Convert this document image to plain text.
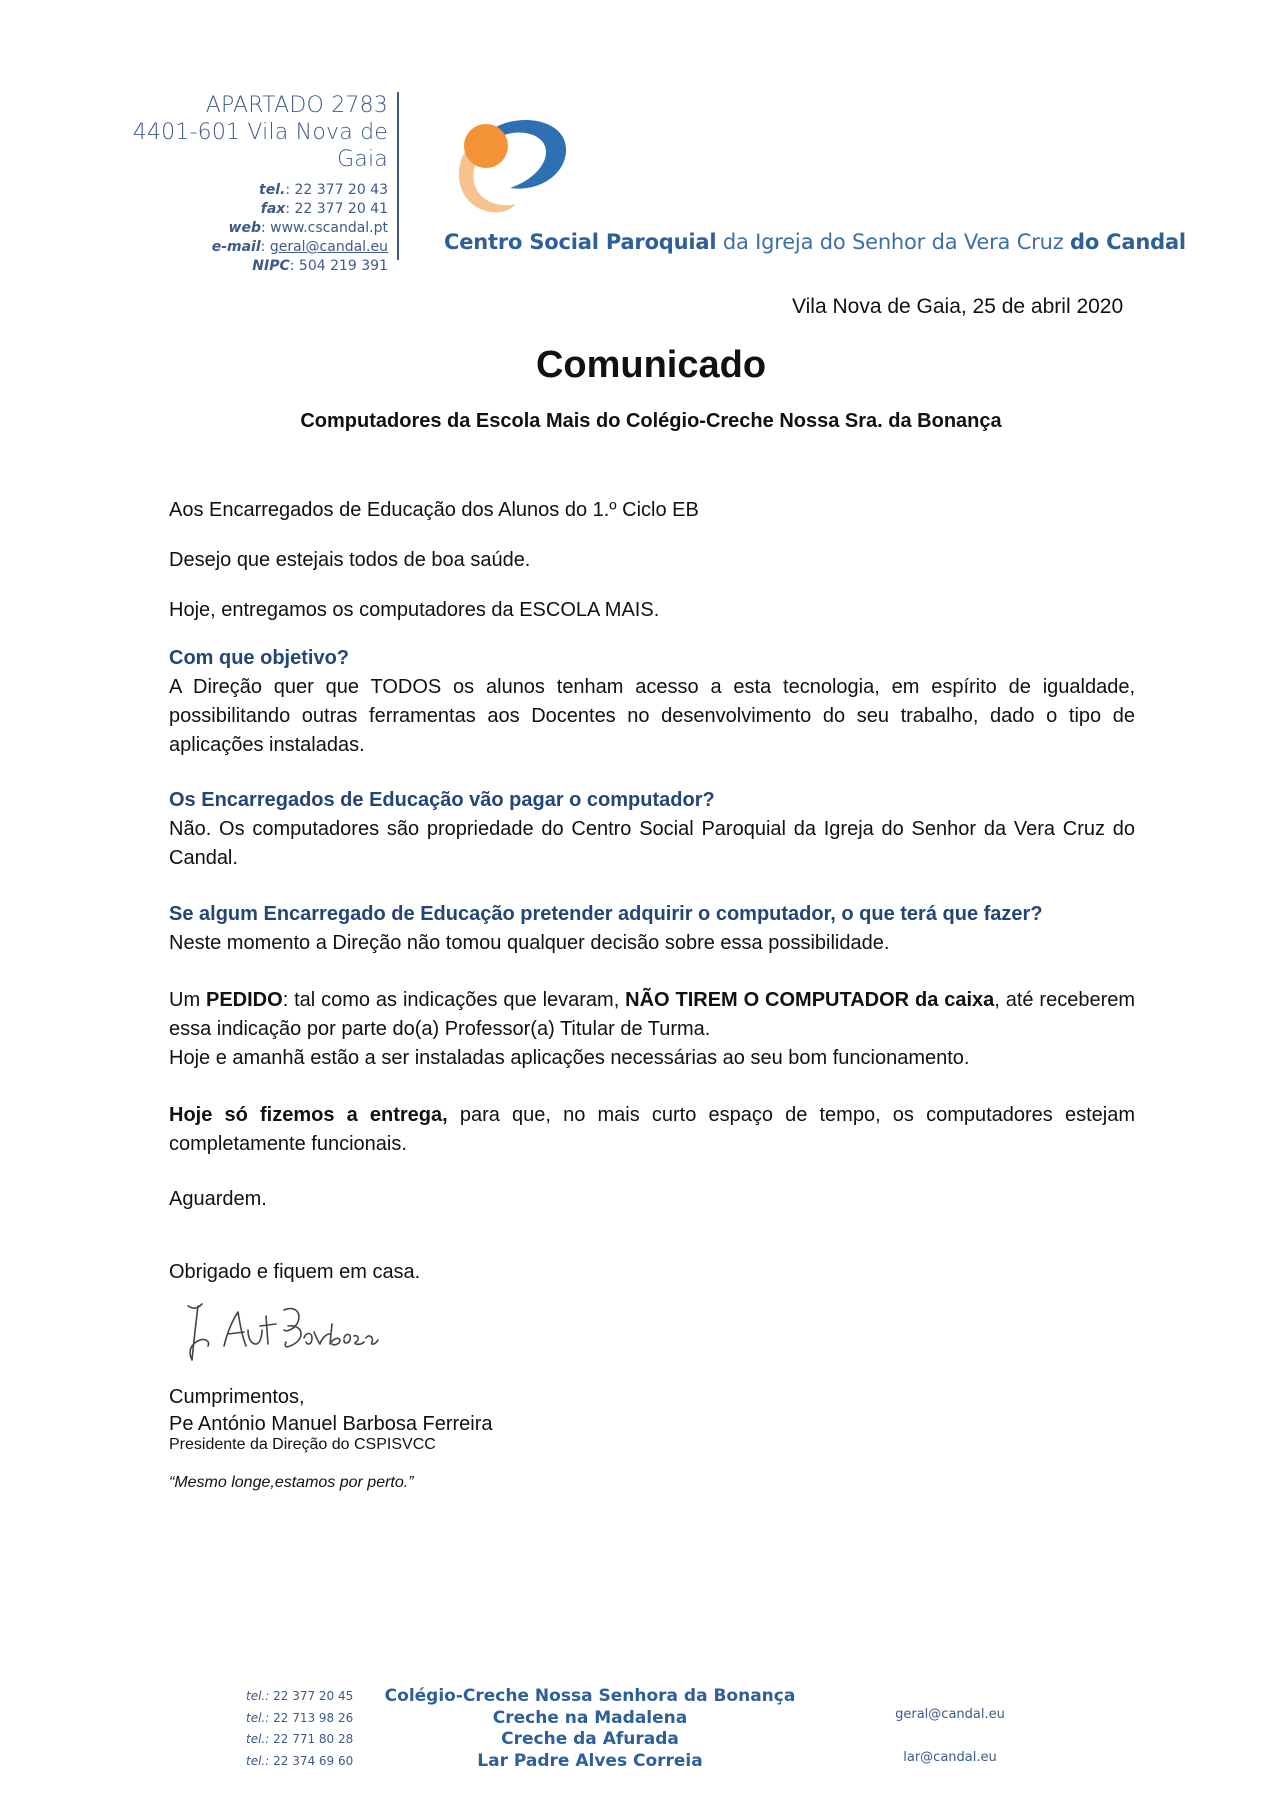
APARTADO 2783
4401-601 Vila Nova de Gaia
tel.: 22 377 20 43
fax: 22 377 20 41
web: www.cscandal.pt
e-mail: geral@candal.eu
NIPC: 504 219 391
Centro Social Paroquial da Igreja do Senhor da Vera Cruz do Candal
Vila Nova de Gaia, 25 de abril 2020
Comunicado
Computadores da Escola Mais do Colégio-Creche Nossa Sra. da Bonança

Aos Encarregados de Educação dos Alunos do 1.º Ciclo EB

Desejo que estejais todos de boa saúde.

Hoje, entregamos os computadores da ESCOLA MAIS.

Com que objetivo?

A Direção quer que TODOS os alunos tenham acesso a esta tecnologia, em espírito de igualdade, possibilitando outras ferramentas aos Docentes no desenvolvimento do seu trabalho, dado o tipo de aplicações instaladas.

Os Encarregados de Educação vão pagar o computador?

Não. Os computadores são propriedade do Centro Social Paroquial da Igreja do Senhor da Vera Cruz do Candal.

Se algum Encarregado de Educação pretender adquirir o computador, o que terá que fazer?

Neste momento a Direção não tomou qualquer decisão sobre essa possibilidade.

Um PEDIDO: tal como as indicações que levaram, NÃO TIREM O COMPUTADOR da caixa, até receberem essa indicação por parte do(a) Professor(a) Titular de Turma.

Hoje e amanhã estão a ser instaladas aplicações necessárias ao seu bom funcionamento.

Hoje só fizemos a entrega, para que, no mais curto espaço de tempo, os computadores estejam completamente funcionais.

Aguardem.

Obrigado e fiquem em casa.

Cumprimentos,
Pe António Manuel Barbosa Ferreira
Presidente da Direção do CSPISVCC
“Mesmo longe,estamos por perto.”
tel.: 22 377 20 45
tel.: 22 713 98 26
tel.: 22 771 80 28
tel.: 22 374 69 60
Colégio-Creche Nossa Senhora da Bonança
Creche na Madalena
Creche da Afurada
Lar Padre Alves Correia
geral@candal.eu
lar@candal.eu
